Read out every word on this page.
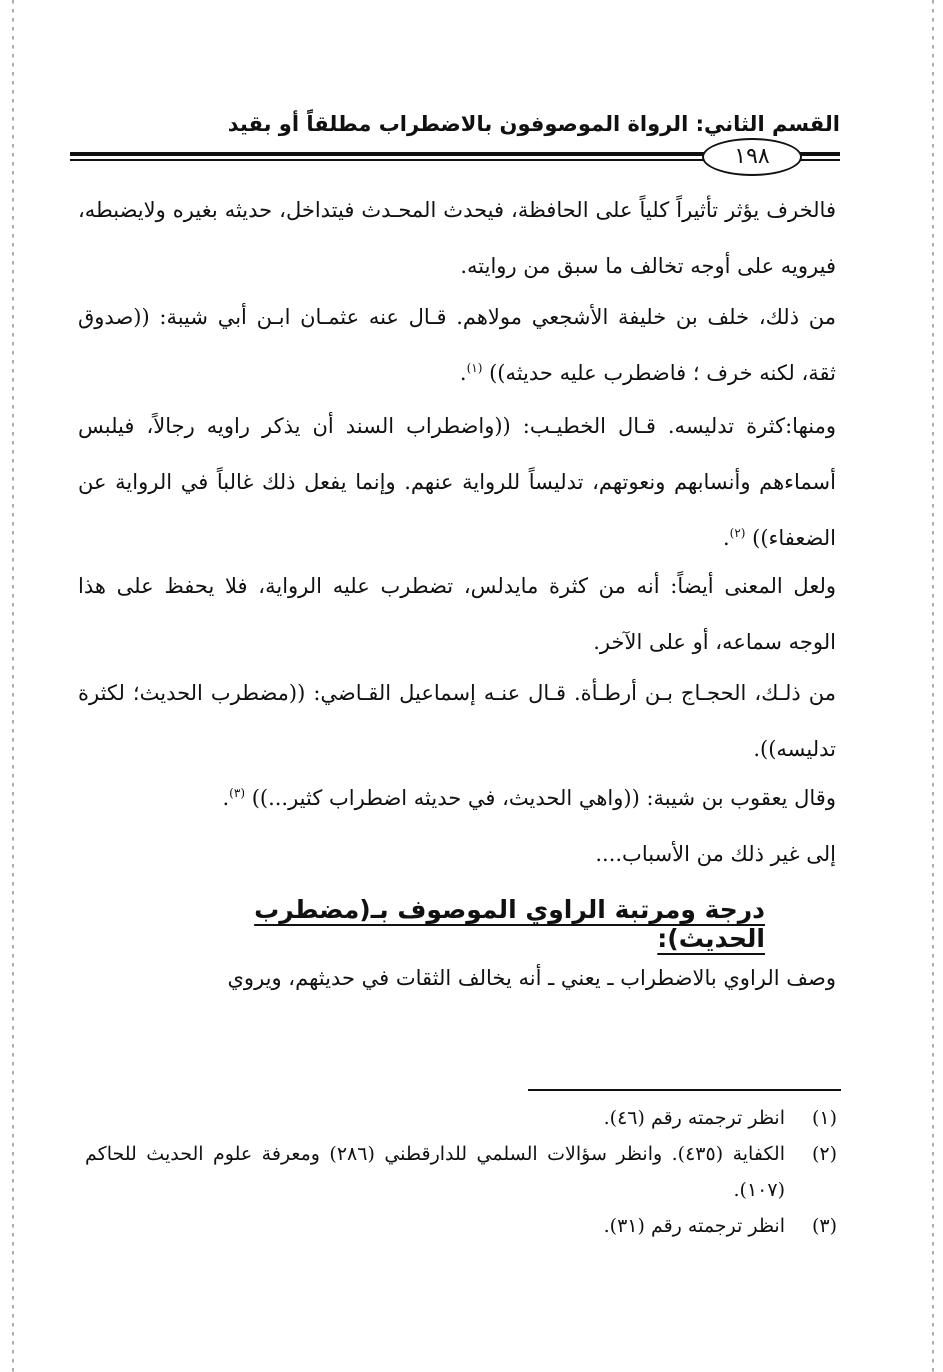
القسم الثاني: الرواة الموصوفون بالاضطراب مطلقاً أو بقيد
١٩٨

فالخرف يؤثر تأثيراً كلياً على الحافظة، فيحدث المحـدث فيتداخل، حديثه بغيره ولايضبطه، فيرويه على أوجه تخالف ما سبق من روايته.

من ذلك، خلف بن خليفة الأشجعي مولاهم. قـال عنه عثمـان ابـن أبي شيبة: ((صدوق ثقة، لكنه خرف ؛ فاضطرب عليه حديثه)) $^{(١)}$.

ومنها:كثرة تدليسه. قـال الخطيـب: ((واضطراب السند أن يذكر راويه رجالاً، فيلبس أسماءهم وأنسابهم ونعوتهم، تدليساً للرواية عنهم. وإنما يفعل ذلك غالباً في الرواية عن الضعفاء)) $^{(٢)}$.

ولعل المعنى أيضاً: أنه من كثرة مايدلس، تضطرب عليه الرواية، فلا يحفظ على هذا الوجه سماعه، أو على الآخر.

من ذلـك، الحجـاج بـن أرطـأة. قـال عنـه إسماعيل القـاضي: ((مضطرب الحديث؛ لكثرة تدليسه)).

وقال يعقوب بن شيبة: ((واهي الحديث، في حديثه اضطراب كثير...)) $^{(٣)}$.

إلى غير ذلك من الأسباب....

درجة ومرتبة الراوي الموصوف بـ(مضطرب الحديث):

وصف الراوي بالاضطراب ـ يعني ـ أنه يخالف الثقات في حديثهم، ويروي

(١)
انظر ترجمته رقم (٤٦).
(٢)
الكفاية (٤٣٥). وانظر سؤالات السلمي للدارقطني (٢٨٦) ومعرفة علوم الحديث للحاكم (١٠٧).
(٣)
انظر ترجمته رقم (٣١).
